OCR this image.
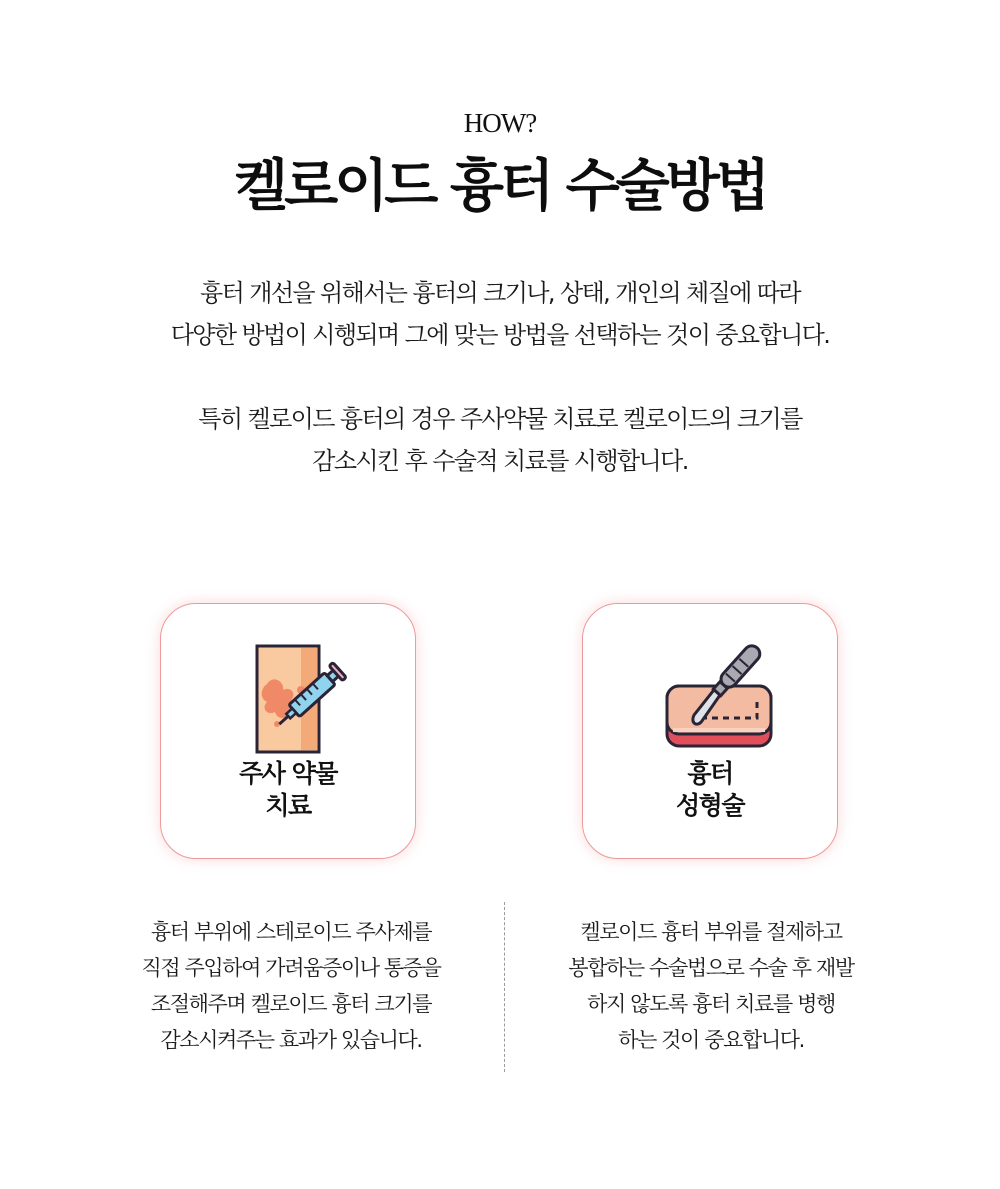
HOW?
켈로이드 흉터 수술방법

흉터 개선을 위해서는 흉터의 크기나, 상태, 개인의 체질에 따라

다양한 방법이 시행되며 그에 맞는 방법을 선택하는 것이 중요합니다.

특히 켈로이드 흉터의 경우 주사약물 치료로 켈로이드의 크기를

감소시킨 후 수술적 치료를 시행합니다.

주사 약물
치료
흉터
성형술
흉터 부위에 스테로이드 주사제를
직접 주입하여 가려움증이나 통증을
조절해주며 켈로이드 흉터 크기를
감소시켜주는 효과가 있습니다.
켈로이드 흉터 부위를 절제하고
봉합하는 수술법으로 수술 후 재발
하지 않도록 흉터 치료를 병행
하는 것이 중요합니다.
